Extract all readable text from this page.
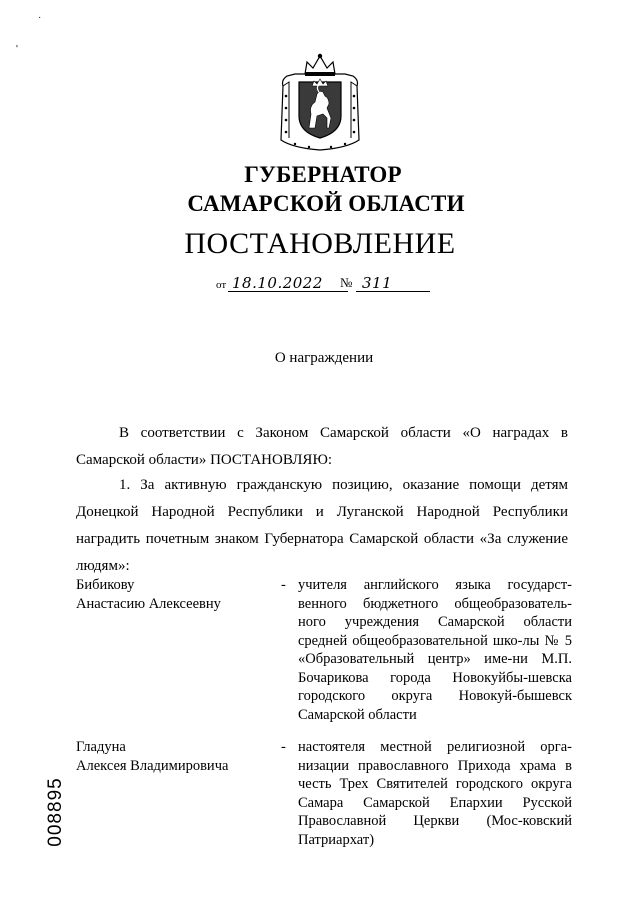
·
'
ГУБЕРНАТОР
САМАРСКОЙ ОБЛАСТИ
ПОСТАНОВЛЕНИЕ
от 18.10.2022 № 311
О награждении
В соответствии с Законом Самарской области «О наградах в Самарской области» ПОСТАНОВЛЯЮ:
1. За активную гражданскую позицию, оказание помощи детям Донецкой Народной Республики и Луганской Народной Республики наградить почетным знаком Губернатора Самарской области «За служение людям»:
Бибикову
Анастасию Алексеевну
- учителя английского языка государст-венного бюджетного общеобразователь-ного учреждения Самарской области средней общеобразовательной шко-лы № 5 «Образовательный центр» име-ни М.П. Бочарикова города Новокуйбы-шевска городского округа Новокуй-бышевск Самарской области
Гладуна
Алексея Владимировича
- настоятеля местной религиозной орга-низации православного Прихода храма в честь Трех Святителей городского округа Самара Самарской Епархии Русской Православной Церкви (Мос-ковский Патриархат)
008895
